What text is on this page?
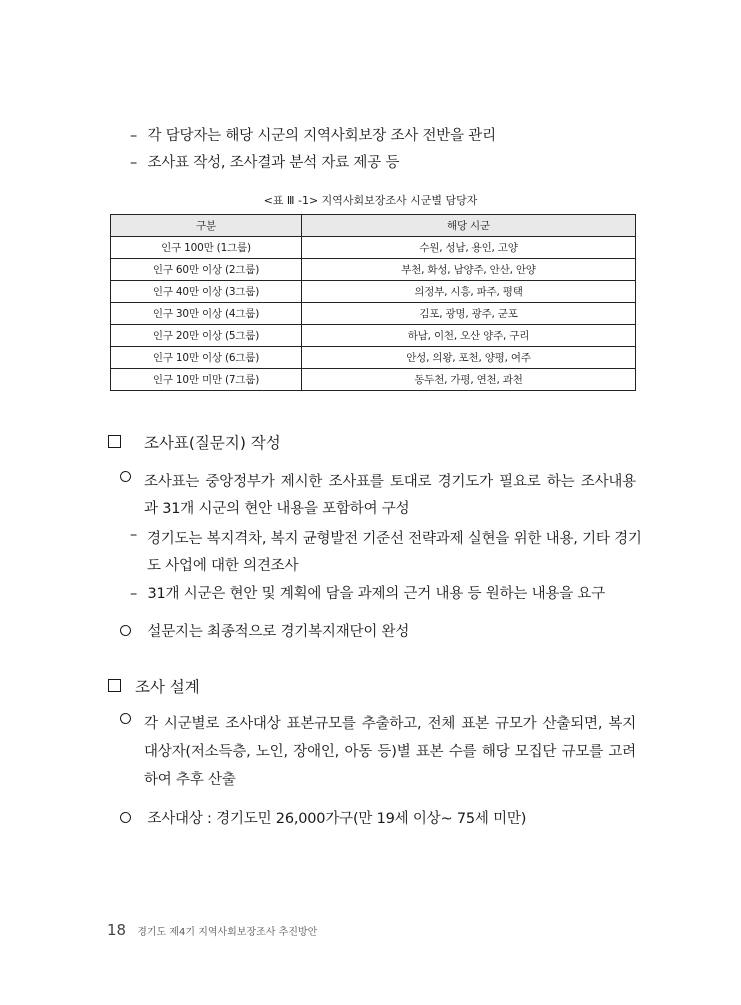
– 각 담당자는 해당 시군의 지역사회보장 조사 전반을 관리
– 조사표 작성, 조사결과 분석 자료 제공 등
<표 Ⅲ -1> 지역사회보장조사 시군별 담당자
구분	해당 시군
인구 100만 (1그룹)	수원, 성남, 용인, 고양
인구 60만 이상 (2그룹)	부천, 화성, 남양주, 안산, 안양
인구 40만 이상 (3그룹)	의정부, 시흥, 파주, 평택
인구 30만 이상 (4그룹)	김포, 광명, 광주, 군포
인구 20만 이상 (5그룹)	하남, 이천, 오산 양주, 구리
인구 10만 이상 (6그룹)	안성, 의왕, 포천, 양평, 여주
인구 10만 미만 (7그룹)	동두천, 가평, 연천, 과천
조사표(질문지) 작성
조사표는 중앙정부가 제시한 조사표를 토대로 경기도가 필요로 하는 조사내용
과 31개 시군의 현안 내용을 포함하여 구성
– 경기도는 복지격차, 복지 균형발전 기준선 전략과제 실현을 위한 내용, 기타 경기
도 사업에 대한 의견조사
– 31개 시군은 현안 및 계획에 담을 과제의 근거 내용 등 원하는 내용을 요구
설문지는 최종적으로 경기복지재단이 완성
조사 설계
각 시군별로 조사대상 표본규모를 추출하고, 전체 표본 규모가 산출되면, 복지
대상자(저소득층, 노인, 장애인, 아동 등)별 표본 수를 해당 모집단 규모를 고려
하여 추후 산출
조사대상 : 경기도민 26,000가구(만 19세 이상~ 75세 미만)
18 경기도 제4기 지역사회보장조사 추진방안
